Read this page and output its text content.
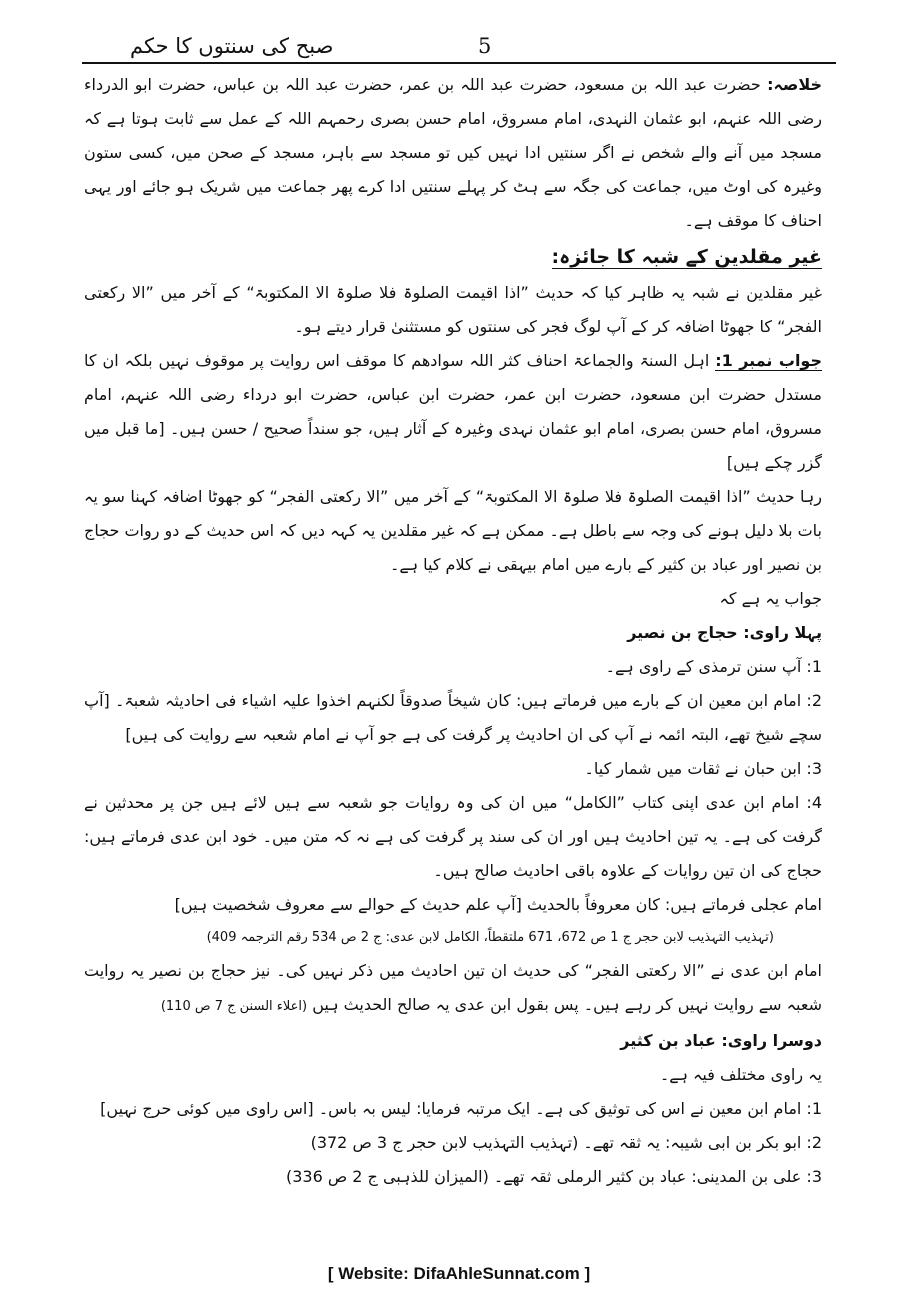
صبح کی سنتوں کا حکم	5

خلاصہ: حضرت عبد اللہ بن مسعود، حضرت عبد اللہ بن عمر، حضرت عبد اللہ بن عباس، حضرت ابو الدرداء رضی اللہ عنہم، ابو عثمان النہدی، امام مسروق، امام حسن بصری رحمہم اللہ کے عمل سے ثابت ہوتا ہے کہ مسجد میں آنے والے شخص نے اگر سنتیں ادا نہیں کیں تو مسجد سے باہر، مسجد کے صحن میں، کسی ستون وغیرہ کی اوٹ میں، جماعت کی جگہ سے ہٹ کر پہلے سنتیں ادا کرے پھر جماعت میں شریک ہو جائے اور یہی احناف کا موقف ہے۔

غیر مقلدین کے شبہ کا جائزہ:

غیر مقلدین نے شبہ یہ ظاہر کیا کہ حدیث ”اذا اقیمت الصلوۃ فلا صلوۃ الا المکتوبۃ“ کے آخر میں ”الا رکعتی الفجر“ کا جھوٹا اضافہ کر کے آپ لوگ فجر کی سنتوں کو مستثنیٰ قرار دیتے ہو۔

جواب نمبر 1: اہل السنۃ والجماعۃ احناف کثر اللہ سوادھم کا موقف اس روایت پر موقوف نہیں بلکہ ان کا مستدل حضرت ابن مسعود، حضرت ابن عمر، حضرت ابن عباس، حضرت ابو درداء رضی اللہ عنہم، امام مسروق، امام حسن بصری، امام ابو عثمان نہدی وغیرہ کے آثار ہیں، جو سنداً صحیح / حسن ہیں۔ [ما قبل میں گزر چکے ہیں]

رہا حدیث ”اذا اقیمت الصلوۃ فلا صلوۃ الا المکتوبۃ“ کے آخر میں ”الا رکعتی الفجر“ کو جھوٹا اضافہ کہنا سو یہ بات بلا دلیل ہونے کی وجہ سے باطل ہے۔ ممکن ہے کہ غیر مقلدین یہ کہہ دیں کہ اس حدیث کے دو روات حجاج بن نصیر اور عباد بن کثیر کے بارے میں امام بیہقی نے کلام کیا ہے۔

جواب یہ ہے کہ

پہلا راوی: حجاج بن نصیر

1: آپ سنن ترمذی کے راوی ہے۔

2: امام ابن معین ان کے بارے میں فرماتے ہیں: کان شیخاً صدوقاً لکنہم اخذوا علیہ اشیاء فی احادیثہ شعبۃ۔ [آپ سچے شیخ تھے، البتہ ائمہ نے آپ کی ان احادیث پر گرفت کی ہے جو آپ نے امام شعبہ سے روایت کی ہیں]

3: ابن حبان نے ثقات میں شمار کیا۔

4: امام ابن عدی اپنی کتاب ”الکامل“ میں ان کی وہ روایات جو شعبہ سے ہیں لائے ہیں جن پر محدثین نے گرفت کی ہے۔ یہ تین احادیث ہیں اور ان کی سند پر گرفت کی ہے نہ کہ متن میں۔ خود ابن عدی فرماتے ہیں: حجاج کی ان تین روایات کے علاوہ باقی احادیث صالح ہیں۔

امام عجلی فرماتے ہیں: کان معروفاً بالحدیث [آپ علم حدیث کے حوالے سے معروف شخصیت ہیں]

(تہذیب التہذیب لابن حجر ج 1 ص 672، 671 ملتقطاً، الکامل لابن عدی: ج 2 ص 534 رقم الترجمہ 409)

امام ابن عدی نے ”الا رکعتی الفجر“ کی حدیث ان تین احادیث میں ذکر نہیں کی۔ نیز حجاج بن نصیر یہ روایت شعبہ سے روایت نہیں کر رہے ہیں۔ پس بقول ابن عدی یہ صالح الحدیث ہیں (اعلاء السنن ج 7 ص 110)

دوسرا راوی: عباد بن کثیر

یہ راوی مختلف فیہ ہے۔

1: امام ابن معین نے اس کی توثیق کی ہے۔ ایک مرتبہ فرمایا: لیس بہ باس۔ [اس راوی میں کوئی حرج نہیں]

2: ابو بکر بن ابی شیبہ: یہ ثقہ تھے۔ (تہذیب التہذیب لابن حجر ج 3 ص 372)

3: علی بن المدینی: عباد بن کثیر الرملی ثقہ تھے۔ (المیزان للذہبی ج 2 ص 336)

[ Website: DifaAhleSunnat.com ]
